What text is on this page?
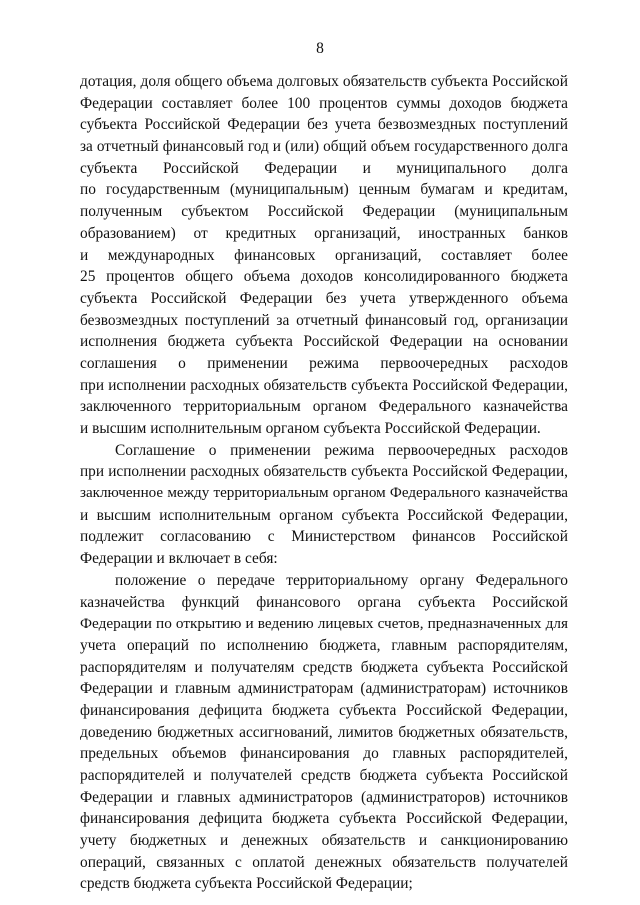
8
дотация, доля общего объема долговых обязательств субъекта Российской
Федерации составляет более 100 процентов суммы доходов бюджета
субъекта Российской Федерации без учета безвозмездных поступлений
за отчетный финансовый год и (или) общий объем государственного долга
субъекта Российской Федерации и муниципального долга
по государственным (муниципальным) ценным бумагам и кредитам,
полученным субъектом Российской Федерации (муниципальным
образованием) от кредитных организаций, иностранных банков
и международных финансовых организаций, составляет более
25 процентов общего объема доходов консолидированного бюджета
субъекта Российской Федерации без учета утвержденного объема
безвозмездных поступлений за отчетный финансовый год, организации
исполнения бюджета субъекта Российской Федерации на основании
соглашения о применении режима первоочередных расходов
при исполнении расходных обязательств субъекта Российской Федерации,
заключенного территориальным органом Федерального казначейства
и высшим исполнительным органом субъекта Российской Федерации.
Соглашение о применении режима первоочередных расходов
при исполнении расходных обязательств субъекта Российской Федерации,
заключенное между территориальным органом Федерального казначейства
и высшим исполнительным органом субъекта Российской Федерации,
подлежит согласованию с Министерством финансов Российской
Федерации и включает в себя:
положение о передаче территориальному органу Федерального
казначейства функций финансового органа субъекта Российской
Федерации по открытию и ведению лицевых счетов, предназначенных для
учета операций по исполнению бюджета, главным распорядителям,
распорядителям и получателям средств бюджета субъекта Российской
Федерации и главным администраторам (администраторам) источников
финансирования дефицита бюджета субъекта Российской Федерации,
доведению бюджетных ассигнований, лимитов бюджетных обязательств,
предельных объемов финансирования до главных распорядителей,
распорядителей и получателей средств бюджета субъекта Российской
Федерации и главных администраторов (администраторов) источников
финансирования дефицита бюджета субъекта Российской Федерации,
учету бюджетных и денежных обязательств и санкционированию
операций, связанных с оплатой денежных обязательств получателей
средств бюджета субъекта Российской Федерации;
